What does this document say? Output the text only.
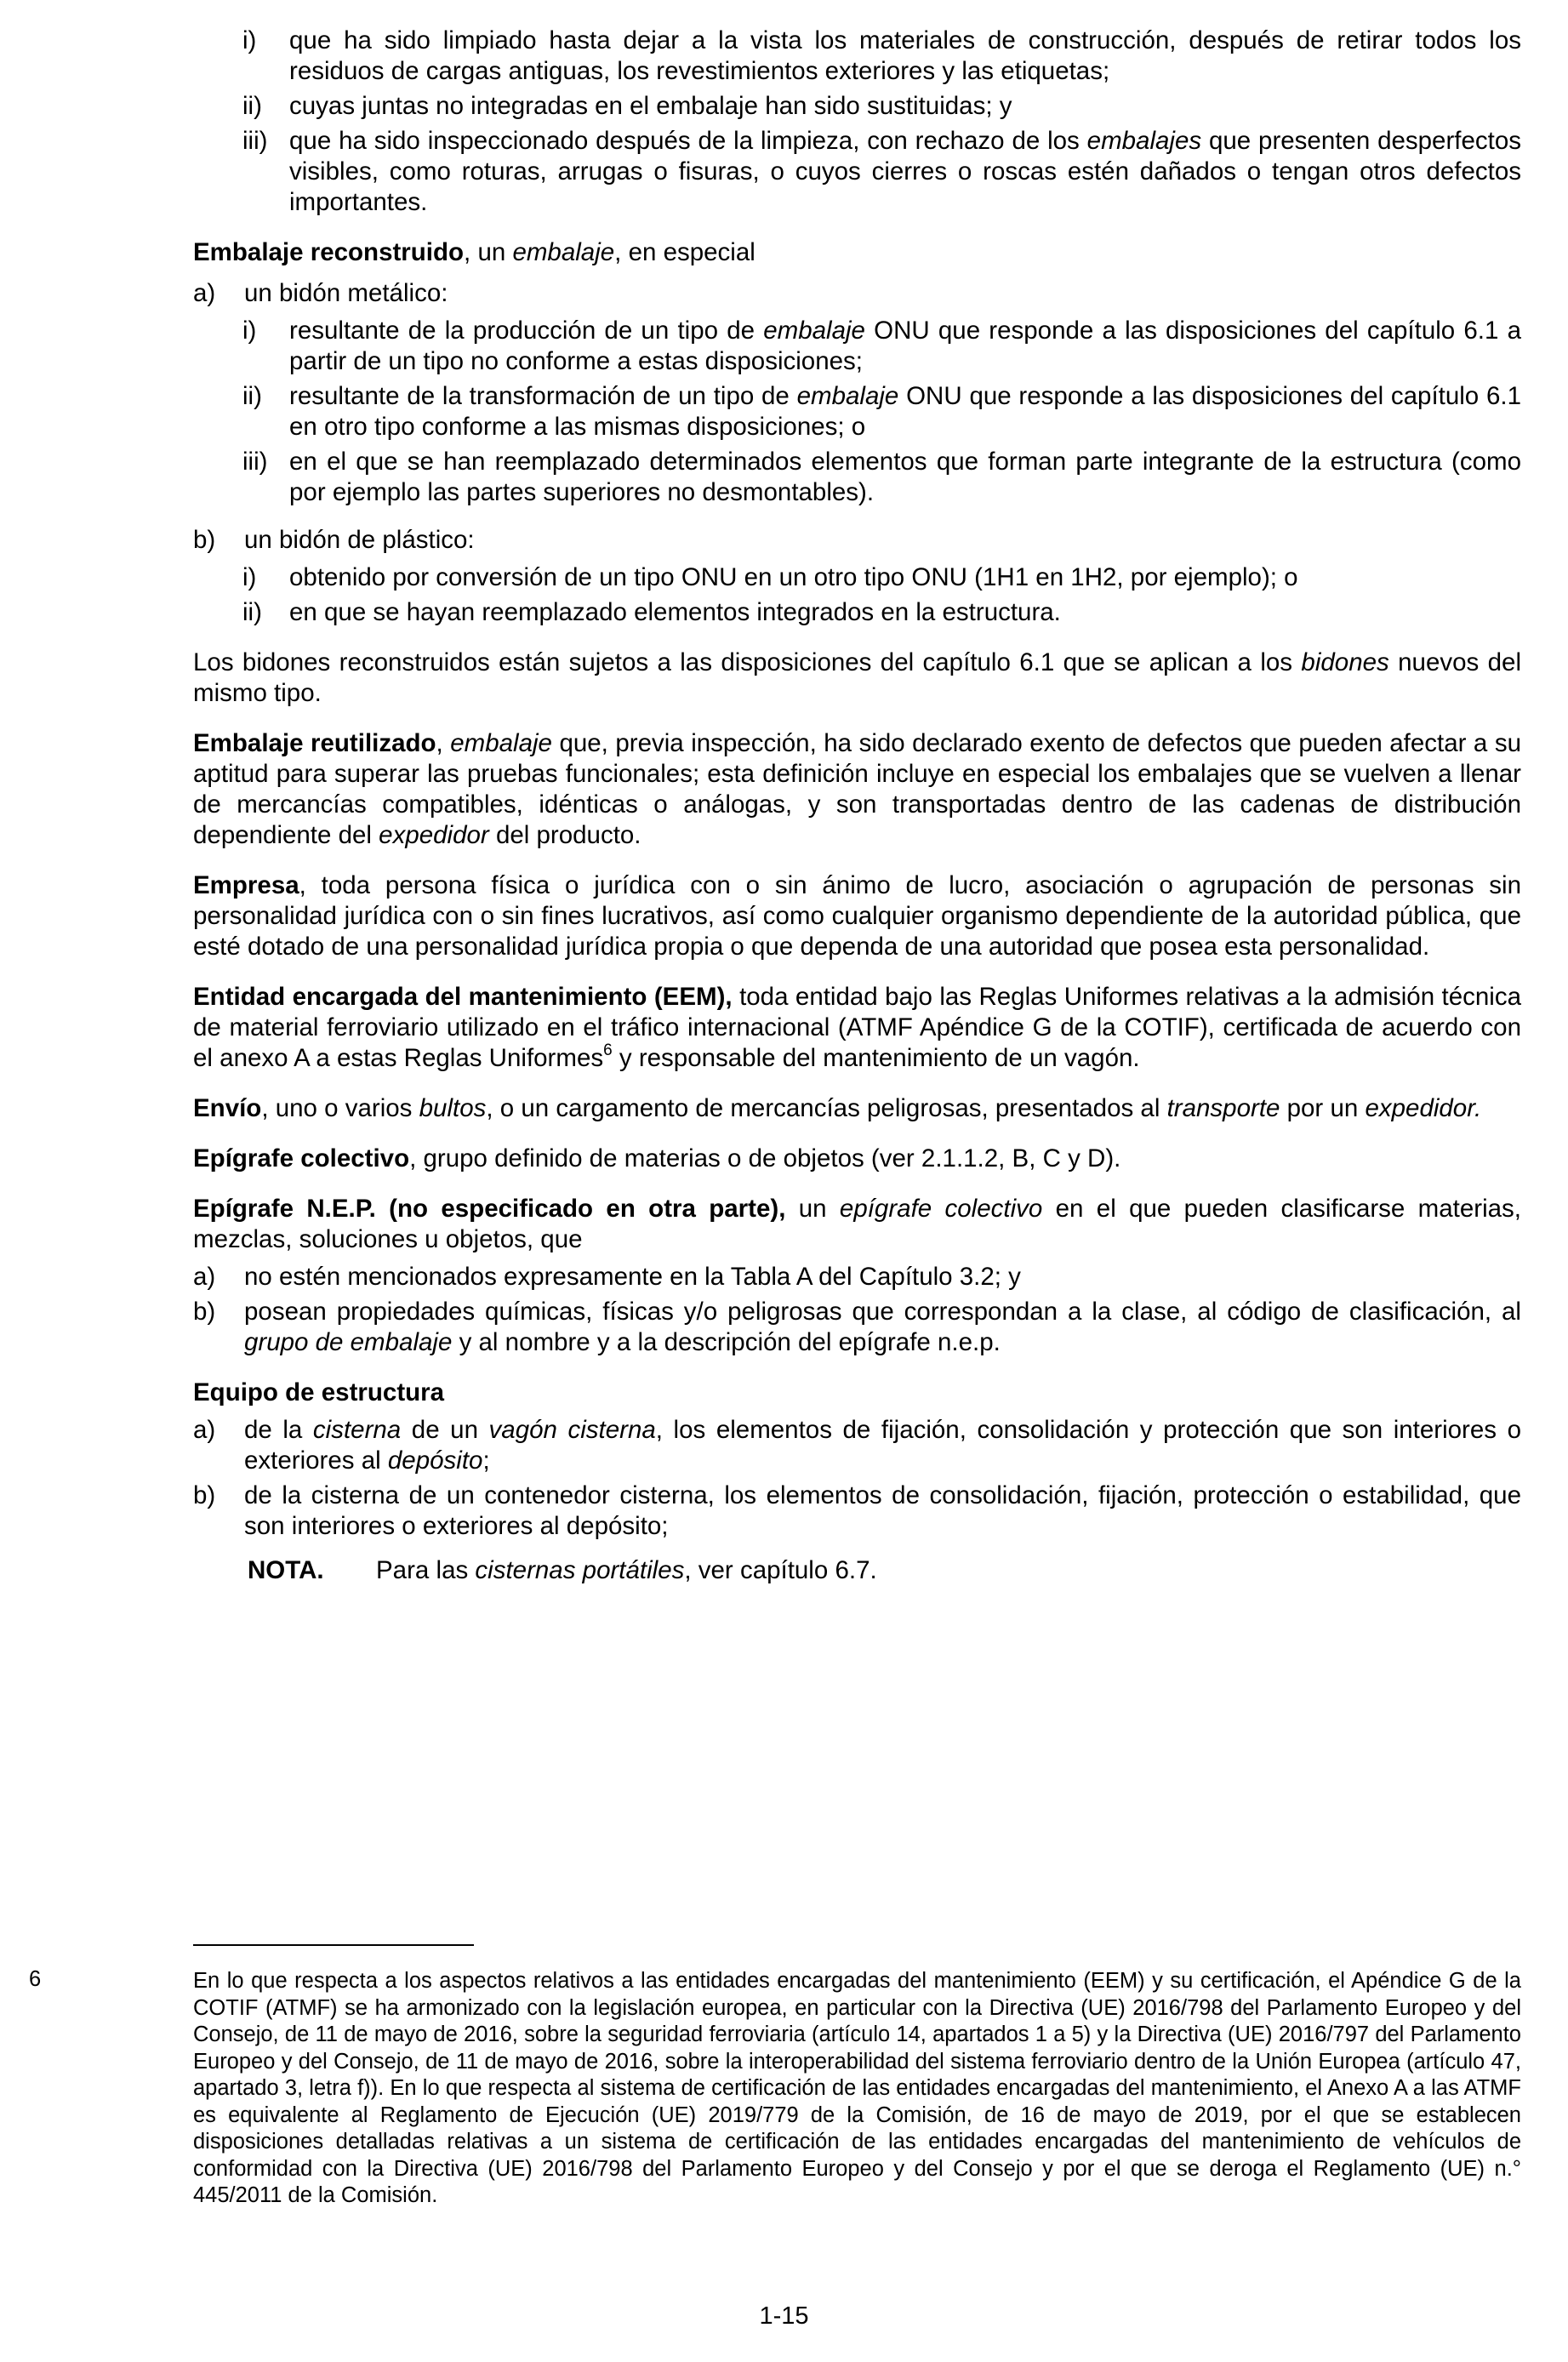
i) que ha sido limpiado hasta dejar a la vista los materiales de construcción, después de retirar todos los residuos de cargas antiguas, los revestimientos exteriores y las etiquetas;
ii) cuyas juntas no integradas en el embalaje han sido sustituidas; y
iii) que ha sido inspeccionado después de la limpieza, con rechazo de los embalajes que presenten desperfectos visibles, como roturas, arrugas o fisuras, o cuyos cierres o roscas estén dañados o tengan otros defectos importantes.

Embalaje reconstruido, un embalaje, en especial

a) un bidón metálico:
i) resultante de la producción de un tipo de embalaje ONU que responde a las disposiciones del capítulo 6.1 a partir de un tipo no conforme a estas disposiciones;
ii) resultante de la transformación de un tipo de embalaje ONU que responde a las disposiciones del capítulo 6.1 en otro tipo conforme a las mismas disposiciones; o
iii) en el que se han reemplazado determinados elementos que forman parte integrante de la estructura (como por ejemplo las partes superiores no desmontables).
b) un bidón de plástico:
i) obtenido por conversión de un tipo ONU en un otro tipo ONU (1H1 en 1H2, por ejemplo); o
ii) en que se hayan reemplazado elementos integrados en la estructura.

Los bidones reconstruidos están sujetos a las disposiciones del capítulo 6.1 que se aplican a los bidones nuevos del mismo tipo.

Embalaje reutilizado, embalaje que, previa inspección, ha sido declarado exento de defectos que pueden afectar a su aptitud para superar las pruebas funcionales; esta definición incluye en especial los embalajes que se vuelven a llenar de mercancías compatibles, idénticas o análogas, y son transportadas dentro de las cadenas de distribución dependiente del expedidor del producto.

Empresa, toda persona física o jurídica con o sin ánimo de lucro, asociación o agrupación de personas sin personalidad jurídica con o sin fines lucrativos, así como cualquier organismo dependiente de la autoridad pública, que esté dotado de una personalidad jurídica propia o que dependa de una autoridad que posea esta personalidad.

Entidad encargada del mantenimiento (EEM), toda entidad bajo las Reglas Uniformes relativas a la admisión técnica de material ferroviario utilizado en el tráfico internacional (ATMF Apéndice G de la COTIF), certificada de acuerdo con el anexo A a estas Reglas Uniformes$^6$ y responsable del mantenimiento de un vagón.

Envío, uno o varios bultos, o un cargamento de mercancías peligrosas, presentados al transporte por un expedidor.

Epígrafe colectivo, grupo definido de materias o de objetos (ver 2.1.1.2, B, C y D).

Epígrafe N.E.P. (no especificado en otra parte), un epígrafe colectivo en el que pueden clasificarse materias, mezclas, soluciones u objetos, que

a) no estén mencionados expresamente en la Tabla A del Capítulo 3.2; y
b) posean propiedades químicas, físicas y/o peligrosas que correspondan a la clase, al código de clasificación, al grupo de embalaje y al nombre y a la descripción del epígrafe n.e.p.

Equipo de estructura

a) de la cisterna de un vagón cisterna, los elementos de fijación, consolidación y protección que son interiores o exteriores al depósito;
b) de la cisterna de un contenedor cisterna, los elementos de consolidación, fijación, protección o estabilidad, que son interiores o exteriores al depósito;
NOTA. Para las cisternas portátiles, ver capítulo 6.7.
6	En lo que respecta a los aspectos relativos a las entidades encargadas del mantenimiento (EEM) y su certificación, el Apéndice G de la COTIF (ATMF) se ha armonizado con la legislación europea, en particular con la Directiva (UE) 2016/798 del Parlamento Europeo y del Consejo, de 11 de mayo de 2016, sobre la seguridad ferroviaria (artículo 14, apartados 1 a 5) y la Directiva (UE) 2016/797 del Parlamento Europeo y del Consejo, de 11 de mayo de 2016, sobre la interoperabilidad del sistema ferroviario dentro de la Unión Europea (artículo 47, apartado 3, letra f)). En lo que respecta al sistema de certificación de las entidades encargadas del mantenimiento, el Anexo A a las ATMF es equivalente al Reglamento de Ejecución (UE) 2019/779 de la Comisión, de 16 de mayo de 2019, por el que se establecen disposiciones detalladas relativas a un sistema de certificación de las entidades encargadas del mantenimiento de vehículos de conformidad con la Directiva (UE) 2016/798 del Parlamento Europeo y del Consejo y por el que se deroga el Reglamento (UE) n.° 445/2011 de la Comisión.
1-15
